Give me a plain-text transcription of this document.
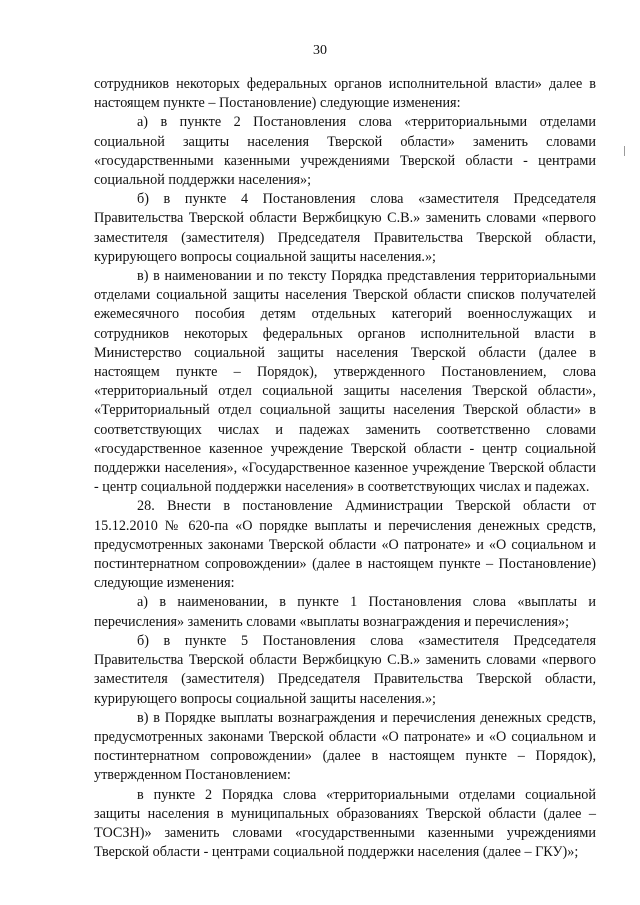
30

сотрудников некоторых федеральных органов исполнительной власти» далее в настоящем пункте – Постановление) следующие изменения:

а) в пункте 2 Постановления слова «территориальными отделами социальной защиты населения Тверской области» заменить словами «государственными казенными учреждениями Тверской области - центрами социальной поддержки населения»;

б) в пункте 4 Постановления слова «заместителя Председателя Правительства Тверской области Вержбицкую С.В.» заменить словами «первого заместителя (заместителя) Председателя Правительства Тверской области, курирующего вопросы социальной защиты населения.»;

в) в наименовании и по тексту Порядка представления территориальными отделами социальной защиты населения Тверской области списков получателей ежемесячного пособия детям отдельных категорий военнослужащих и сотрудников некоторых федеральных органов исполнительной власти в Министерство социальной защиты населения Тверской области (далее в настоящем пункте – Порядок), утвержденного Постановлением, слова «территориальный отдел социальной защиты населения Тверской области», «Территориальный отдел социальной защиты населения Тверской области» в соответствующих числах и падежах заменить соответственно словами «государственное казенное учреждение Тверской области - центр социальной поддержки населения», «Государственное казенное учреждение Тверской области - центр социальной поддержки населения» в соответствующих числах и падежах.

28. Внести в постановление Администрации Тверской области от 15.12.2010 № 620-па «О порядке выплаты и перечисления денежных средств, предусмотренных законами Тверской области «О патронате» и «О социальном и постинтернатном сопровождении» (далее в настоящем пункте – Постановление) следующие изменения:

а) в наименовании, в пункте 1 Постановления слова «выплаты и перечисления» заменить словами «выплаты вознаграждения и перечисления»;

б) в пункте 5 Постановления слова «заместителя Председателя Правительства Тверской области Вержбицкую С.В.» заменить словами «первого заместителя (заместителя) Председателя Правительства Тверской области, курирующего вопросы социальной защиты населения.»;

в) в Порядке выплаты вознаграждения и перечисления денежных средств, предусмотренных законами Тверской области «О патронате» и «О социальном и постинтернатном сопровождении» (далее в настоящем пункте – Порядок), утвержденном Постановлением:

в пункте 2 Порядка слова «территориальными отделами социальной защиты населения в муниципальных образованиях Тверской области (далее – ТОСЗН)» заменить словами «государственными казенными учреждениями Тверской области - центрами социальной поддержки населения (далее – ГКУ)»;
